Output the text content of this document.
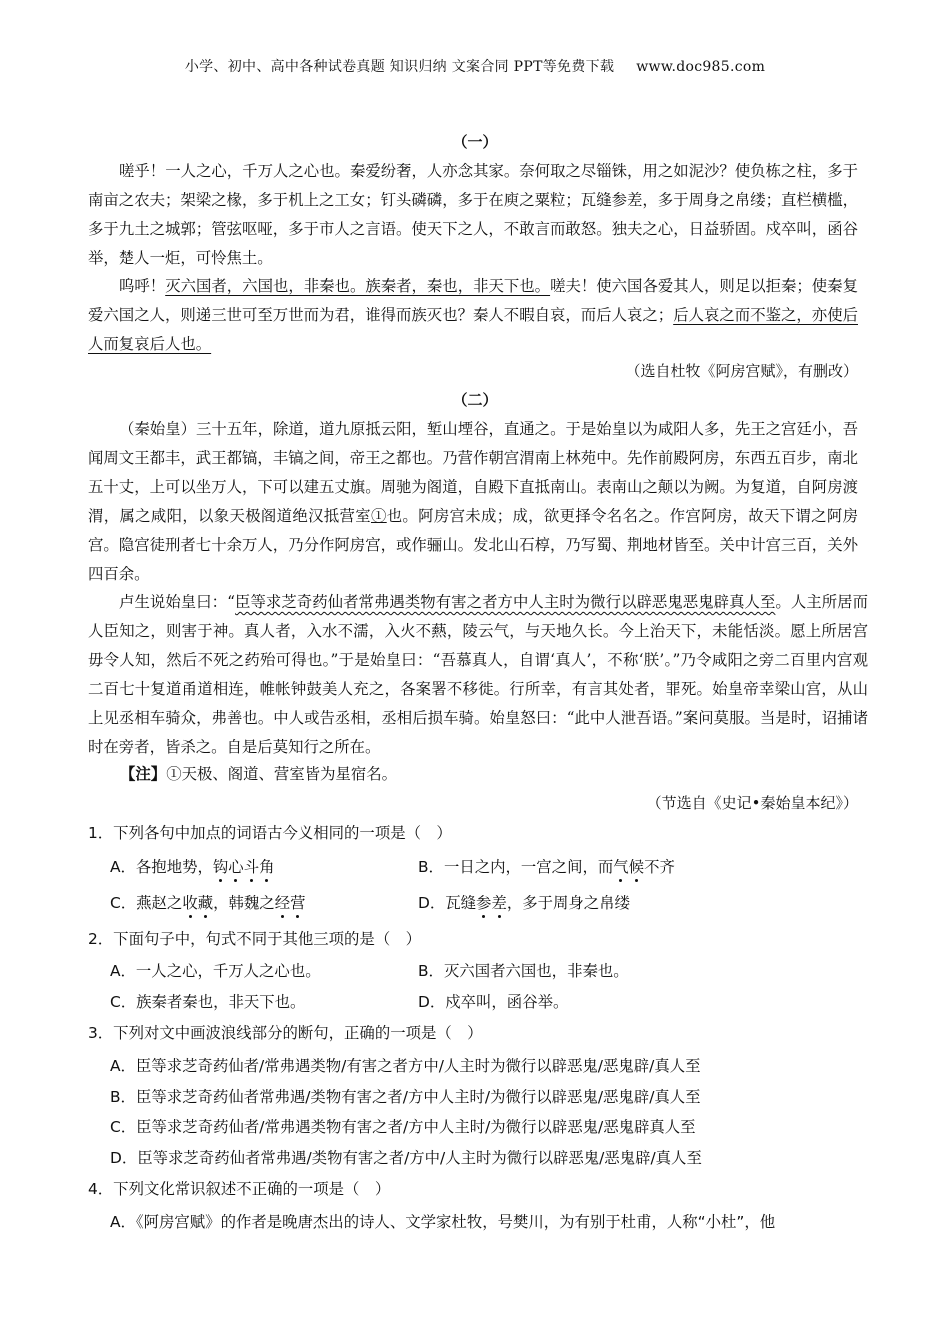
小学、初中、高中各种试卷真题 知识归纳 文案合同 PPT等免费下载 www.doc985.com
（一）
嗟乎！一人之心，千万人之心也。秦爱纷奢，人亦念其家。奈何取之尽锱铢，用之如泥沙？使负栋之柱，多于南亩之农夫；架梁之椽，多于机上之工女；钉头磷磷，多于在庾之粟粒；瓦缝参差，多于周身之帛缕；直栏横槛，多于九土之城郭；管弦呕哑，多于市人之言语。使天下之人，不敢言而敢怒。独夫之心，日益骄固。戍卒叫，函谷举，楚人一炬，可怜焦土。
呜呼！灭六国者，六国也，非秦也。族秦者，秦也，非天下也。嗟夫！使六国各爱其人，则足以拒秦；使秦复爱六国之人，则递三世可至万世而为君，谁得而族灭也？秦人不暇自哀，而后人哀之；后人哀之而不鉴之，亦使后人而复哀后人也。
（选自杜牧《阿房宫赋》，有删改）
（二）
（秦始皇）三十五年，除道，道九原抵云阳，堑山堙谷，直通之。于是始皇以为咸阳人多，先王之宫廷小，吾闻周文王都丰，武王都镐，丰镐之间，帝王之都也。乃营作朝宫渭南上林苑中。先作前殿阿房，东西五百步，南北五十丈，上可以坐万人，下可以建五丈旗。周驰为阁道，自殿下直抵南山。表南山之颠以为阙。为复道，自阿房渡渭，属之咸阳，以象天极阁道绝汉抵营室①也。阿房宫未成；成，欲更择令名名之。作宫阿房，故天下谓之阿房宫。隐宫徒刑者七十余万人，乃分作阿房宫，或作骊山。发北山石椁，乃写蜀、荆地材皆至。关中计宫三百，关外四百余。
卢生说始皇曰：“臣等求芝奇药仙者常弗遇类物有害之者方中人主时为微行以辟恶鬼恶鬼辟真人至。人主所居而人臣知之，则害于神。真人者，入水不濡，入火不爇，陵云气，与天地久长。今上治天下，未能恬淡。愿上所居宫毋令人知，然后不死之药殆可得也。”于是始皇曰：“吾慕真人，自谓‘真人’，不称‘朕’。”乃令咸阳之旁二百里内宫观二百七十复道甬道相连，帷帐钟鼓美人充之，各案署不移徙。行所幸，有言其处者，罪死。始皇帝幸梁山宫，从山上见丞相车骑众，弗善也。中人或告丞相，丞相后损车骑。始皇怒曰：“此中人泄吾语。”案问莫服。当是时，诏捕诸时在旁者，皆杀之。自是后莫知行之所在。
【注】①天极、阁道、营室皆为星宿名。
（节选自《史记•秦始皇本纪》）
1．下列各句中加点的词语古今义相同的一项是（　）
A．各抱地势，钩心斗角	B．一日之内，一宫之间，而气候不齐
C．燕赵之收藏，韩魏之经营	D．瓦缝参差，多于周身之帛缕
2．下面句子中，句式不同于其他三项的是（　）
A．一人之心，千万人之心也。	B．灭六国者六国也，非秦也。
C．族秦者秦也，非天下也。	D．戍卒叫，函谷举。
3．下列对文中画波浪线部分的断句，正确的一项是（　）
A．臣等求芝奇药仙者/常弗遇类物/有害之者方中/人主时为微行以辟恶鬼/恶鬼辟/真人至
B．臣等求芝奇药仙者常弗遇/类物有害之者/方中人主时/为微行以辟恶鬼/恶鬼辟/真人至
C．臣等求芝奇药仙者/常弗遇类物有害之者/方中人主时/为微行以辟恶鬼/恶鬼辟真人至
D．臣等求芝奇药仙者常弗遇/类物有害之者/方中/人主时为微行以辟恶鬼/恶鬼辟/真人至
4．下列文化常识叙述不正确的一项是（　）
A．《阿房宫赋》的作者是晚唐杰出的诗人、文学家杜牧，号樊川，为有别于杜甫，人称“小杜”，他
